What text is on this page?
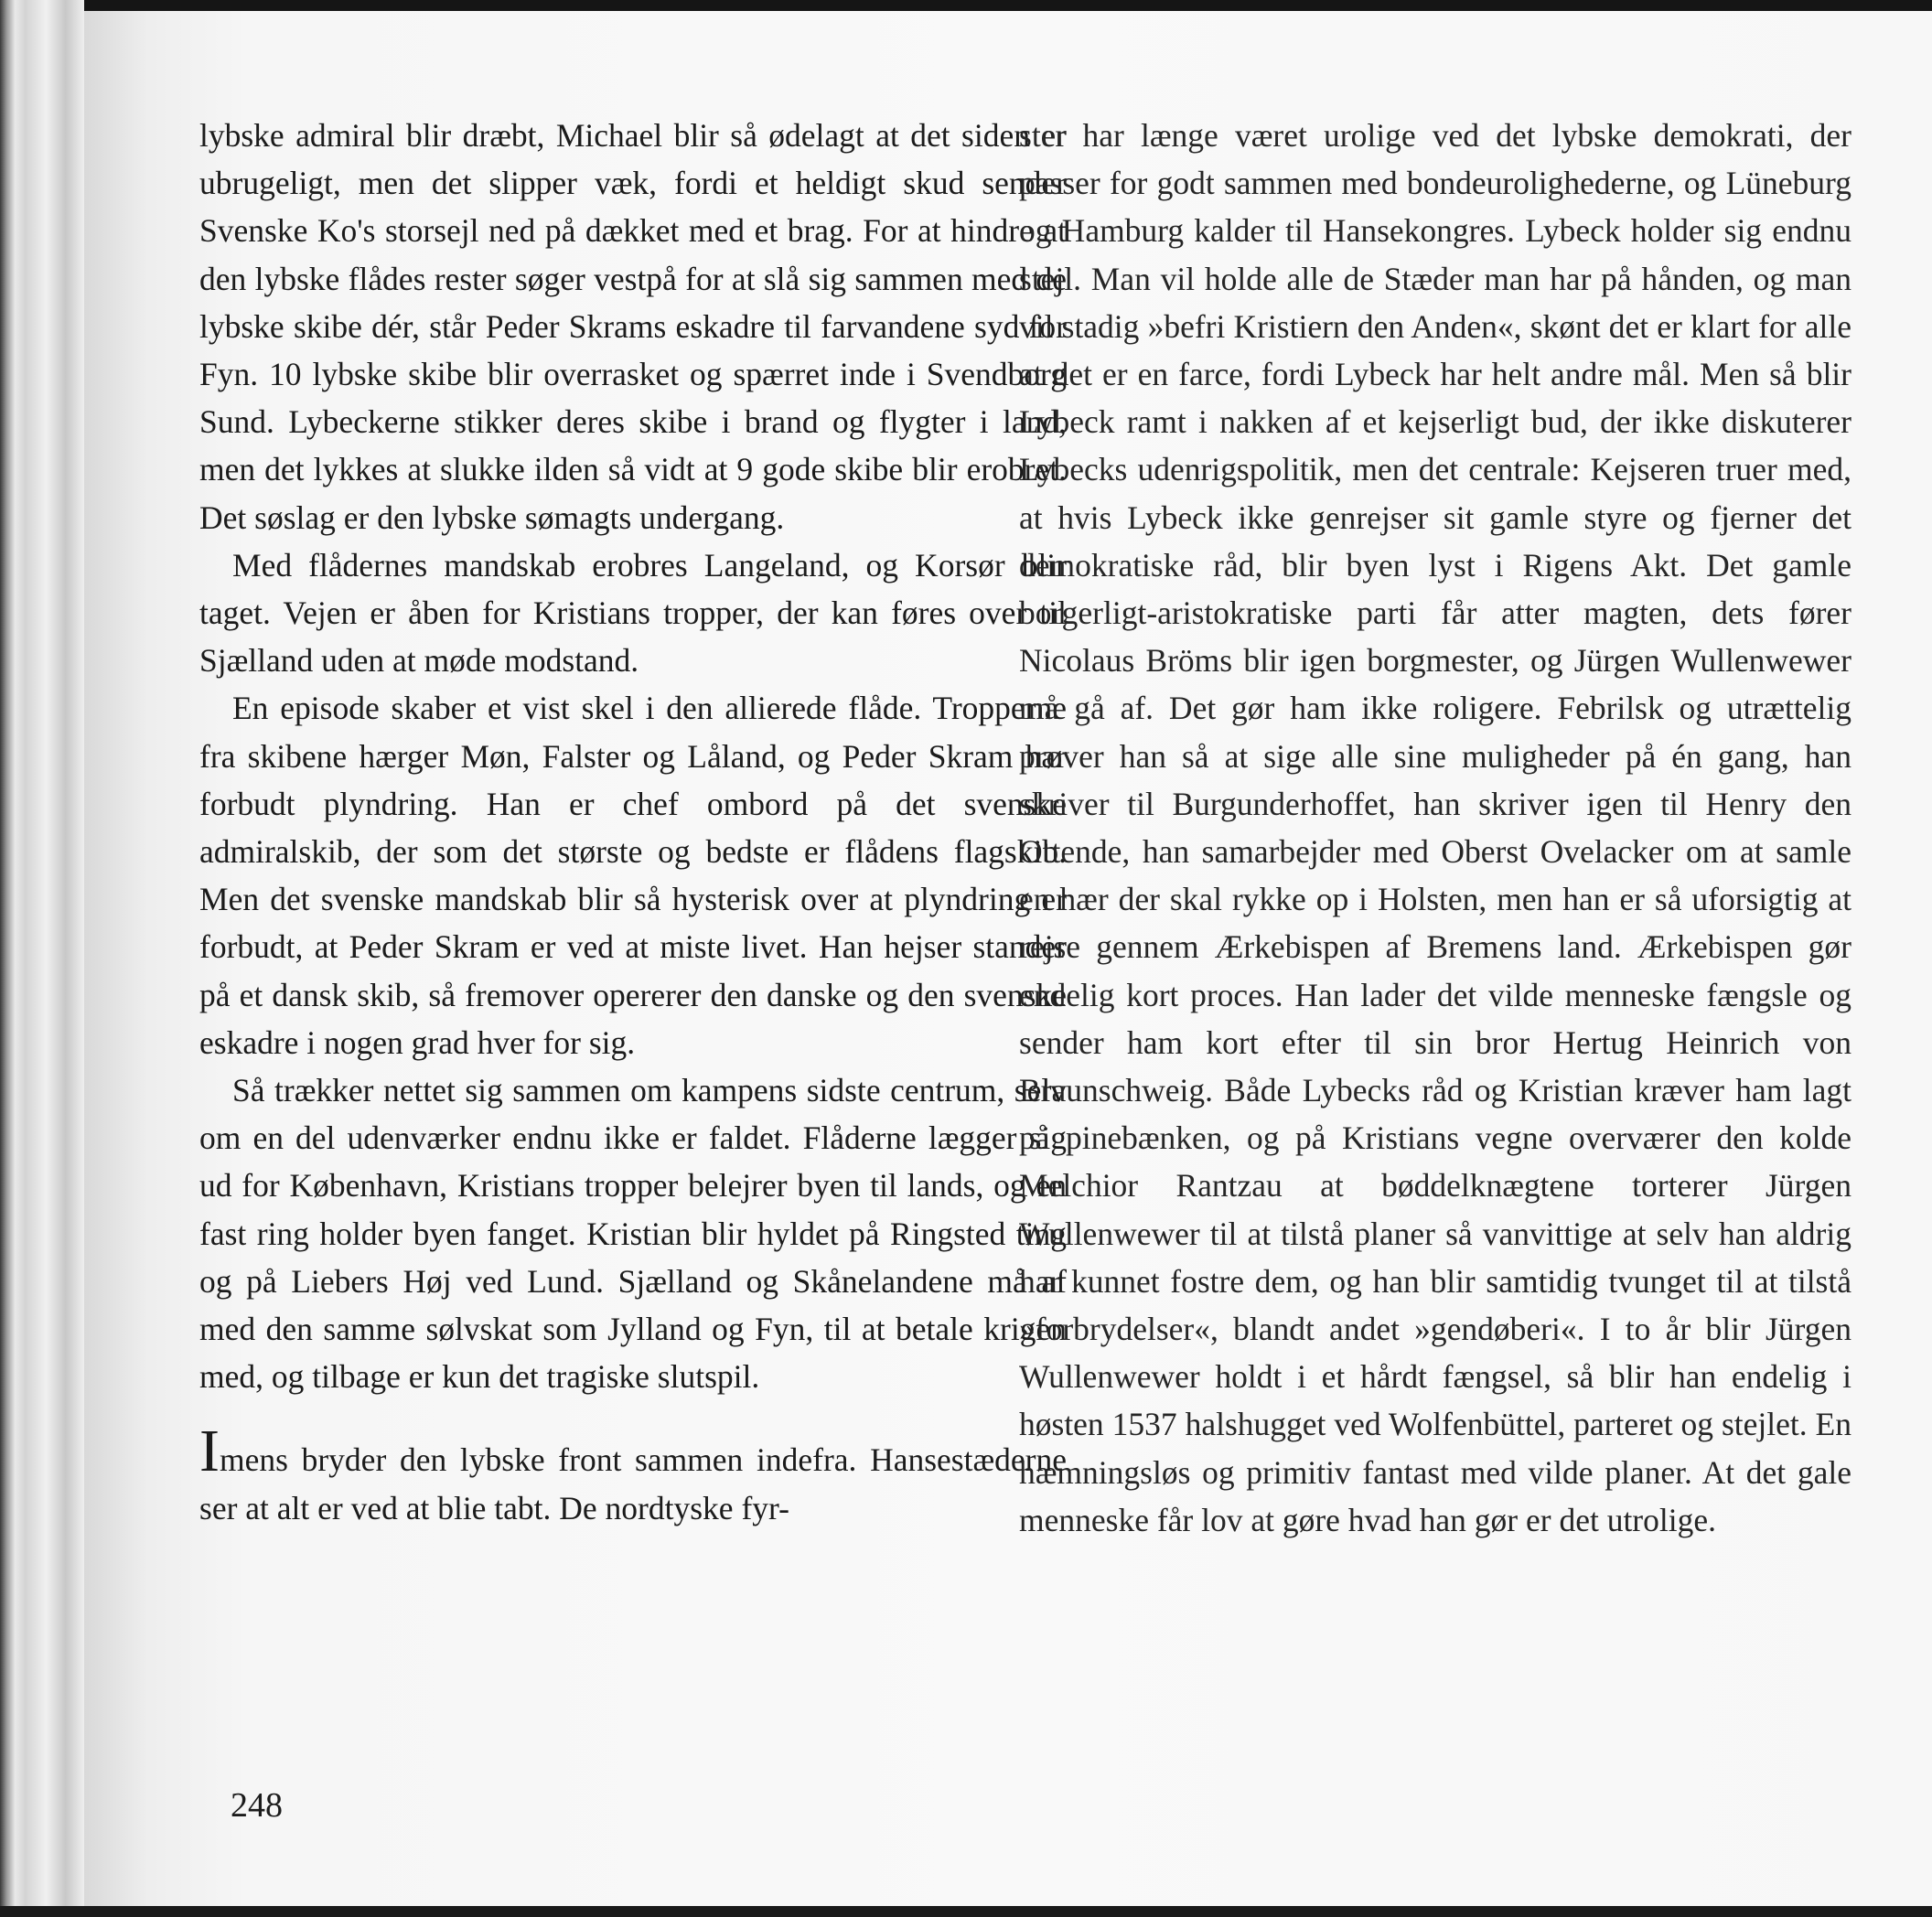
lybske admiral blir dræbt, Michael blir så ødelagt at det siden er ubrugeligt, men det slipper væk, fordi et heldigt skud sender Svenske Ko's storsejl ned på dækket med et brag. For at hindre at den lybske flådes rester søger vestpå for at slå sig sammen med de lybske skibe dér, står Peder Skrams eskadre til farvandene syd for Fyn. 10 lybske skibe blir overrasket og spærret inde i Svendborg Sund. Lybeckerne stikker deres skibe i brand og flygter i land, men det lykkes at slukke ilden så vidt at 9 gode skibe blir erobret. Det søslag er den lybske sømagts undergang.

Med flådernes mandskab erobres Langeland, og Korsør blir taget. Vejen er åben for Kristians tropper, der kan føres over til Sjælland uden at møde modstand.

En episode skaber et vist skel i den allierede flåde. Tropperne fra skibene hærger Møn, Falster og Låland, og Peder Skram har forbudt plyndring. Han er chef ombord på det svenske admiralskib, der som det største og bedste er flådens flagskib. Men det svenske mandskab blir så hysterisk over at plyndring er forbudt, at Peder Skram er ved at miste livet. Han hejser stander på et dansk skib, så fremover opererer den danske og den svenske eskadre i nogen grad hver for sig.

Så trækker nettet sig sammen om kampens sidste centrum, selv om en del udenværker endnu ikke er faldet. Flåderne lægger sig ud for København, Kristians tropper belejrer byen til lands, og en fast ring holder byen fanget. Kristian blir hyldet på Ringsted ting og på Liebers Høj ved Lund. Sjælland og Skånelandene må af med den samme sølvskat som Jylland og Fyn, til at betale krigen med, og tilbage er kun det tragiske slutspil.

Imens bryder den lybske front sammen indefra. Hansestæderne ser at alt er ved at blie tabt. De nordtyske fyr-

ster har længe været urolige ved det lybske demokrati, der passer for godt sammen med bondeurolighederne, og Lüneburg og Hamburg kalder til Hansekongres. Lybeck holder sig endnu stejl. Man vil holde alle de Stæder man har på hånden, og man vil stadig »befri Kristiern den Anden«, skønt det er klart for alle at det er en farce, fordi Lybeck har helt andre mål. Men så blir Lybeck ramt i nakken af et kejserligt bud, der ikke diskuterer Lybecks udenrigspolitik, men det centrale: Kejseren truer med, at hvis Lybeck ikke genrejser sit gamle styre og fjerner det demokratiske råd, blir byen lyst i Rigens Akt. Det gamle borgerligt-aristokratiske parti får atter magten, dets fører Nicolaus Bröms blir igen borgmester, og Jürgen Wullenwewer må gå af. Det gør ham ikke roligere. Febrilsk og utrættelig prøver han så at sige alle sine muligheder på én gang, han skriver til Burgunderhoffet, han skriver igen til Henry den Ottende, han samarbejder med Oberst Ovelacker om at samle en hær der skal rykke op i Holsten, men han er så uforsigtig at rejse gennem Ærkebispen af Bremens land. Ærkebispen gør endelig kort proces. Han lader det vilde menneske fængsle og sender ham kort efter til sin bror Hertug Heinrich von Braunschweig. Både Lybecks råd og Kristian kræver ham lagt på pinebænken, og på Kristians vegne overværer den kolde Melchior Rantzau at bøddelknægtene torterer Jürgen Wullenwewer til at tilstå planer så vanvittige at selv han aldrig har kunnet fostre dem, og han blir samtidig tvunget til at tilstå »forbrydelser«, blandt andet »gendøberi«. I to år blir Jürgen Wullenwewer holdt i et hårdt fængsel, så blir han endelig i høsten 1537 halshugget ved Wolfenbüttel, parteret og stejlet. En hæmningsløs og primitiv fantast med vilde planer. At det gale menneske får lov at gøre hvad han gør er det utrolige.

248
